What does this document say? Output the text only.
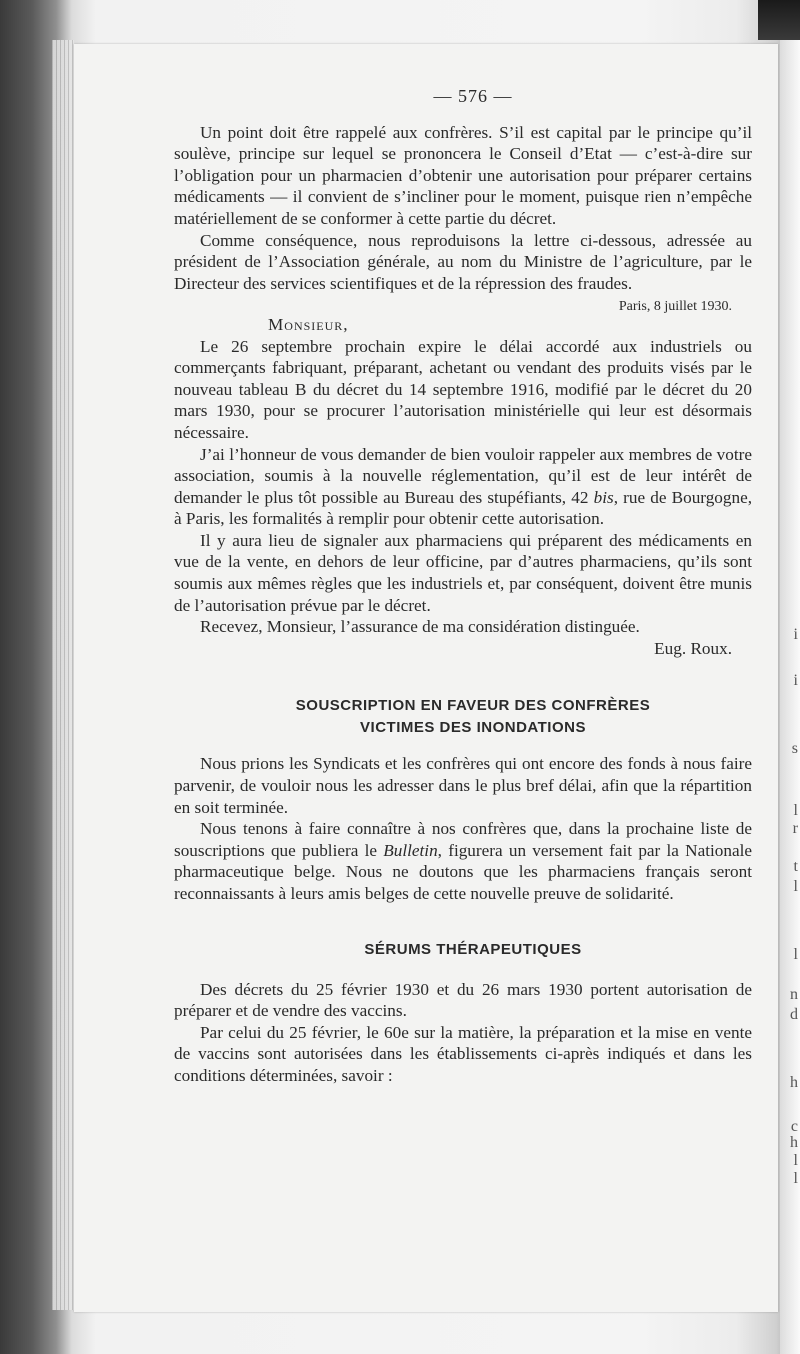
i
i
s
l
r
t
l
l
n
d
h
c
h
l
l
— 576 —

Un point doit être rappelé aux confrères. S’il est capital par le principe qu’il soulève, principe sur lequel se prononcera le Conseil d’Etat — c’est-à-dire sur l’obligation pour un pharmacien d’obtenir une autorisation pour préparer certains médicaments — il convient de s’incliner pour le moment, puisque rien n’empêche matériellement de se conformer à cette partie du décret.

Comme conséquence, nous reproduisons la lettre ci-dessous, adressée au président de l’Association générale, au nom du Ministre de l’agriculture, par le Directeur des services scientifiques et de la répression des fraudes.

Paris, 8 juillet 1930.

Monsieur,

Le 26 septembre prochain expire le délai accordé aux industriels ou commerçants fabriquant, préparant, achetant ou vendant des produits visés par le nouveau tableau B du décret du 14 septembre 1916, modifié par le décret du 20 mars 1930, pour se procurer l’autorisation ministérielle qui leur est désormais nécessaire.

J’ai l’honneur de vous demander de bien vouloir rappeler aux membres de votre association, soumis à la nouvelle réglementation, qu’il est de leur intérêt de demander le plus tôt possible au Bureau des stupéfiants, 42 bis, rue de Bourgogne, à Paris, les formalités à remplir pour obtenir cette autorisation.

Il y aura lieu de signaler aux pharmaciens qui préparent des médicaments en vue de la vente, en dehors de leur officine, par d’autres pharmaciens, qu’ils sont soumis aux mêmes règles que les industriels et, par conséquent, doivent être munis de l’autorisation prévue par le décret.

Recevez, Monsieur, l’assurance de ma considération distinguée.

Eug. Roux.

SOUSCRIPTION EN FAVEUR DES CONFRÈRES
VICTIMES DES INONDATIONS

Nous prions les Syndicats et les confrères qui ont encore des fonds à nous faire parvenir, de vouloir nous les adresser dans le plus bref délai, afin que la répartition en soit terminée.

Nous tenons à faire connaître à nos confrères que, dans la prochaine liste de souscriptions que publiera le Bulletin, figurera un versement fait par la Nationale pharmaceutique belge. Nous ne doutons que les pharmaciens français seront reconnaissants à leurs amis belges de cette nouvelle preuve de solidarité.

SÉRUMS THÉRAPEUTIQUES

Des décrets du 25 février 1930 et du 26 mars 1930 portent autorisation de préparer et de vendre des vaccins.

Par celui du 25 février, le 60e sur la matière, la préparation et la mise en vente de vaccins sont autorisées dans les établissements ci-après indiqués et dans les conditions déterminées, savoir :
